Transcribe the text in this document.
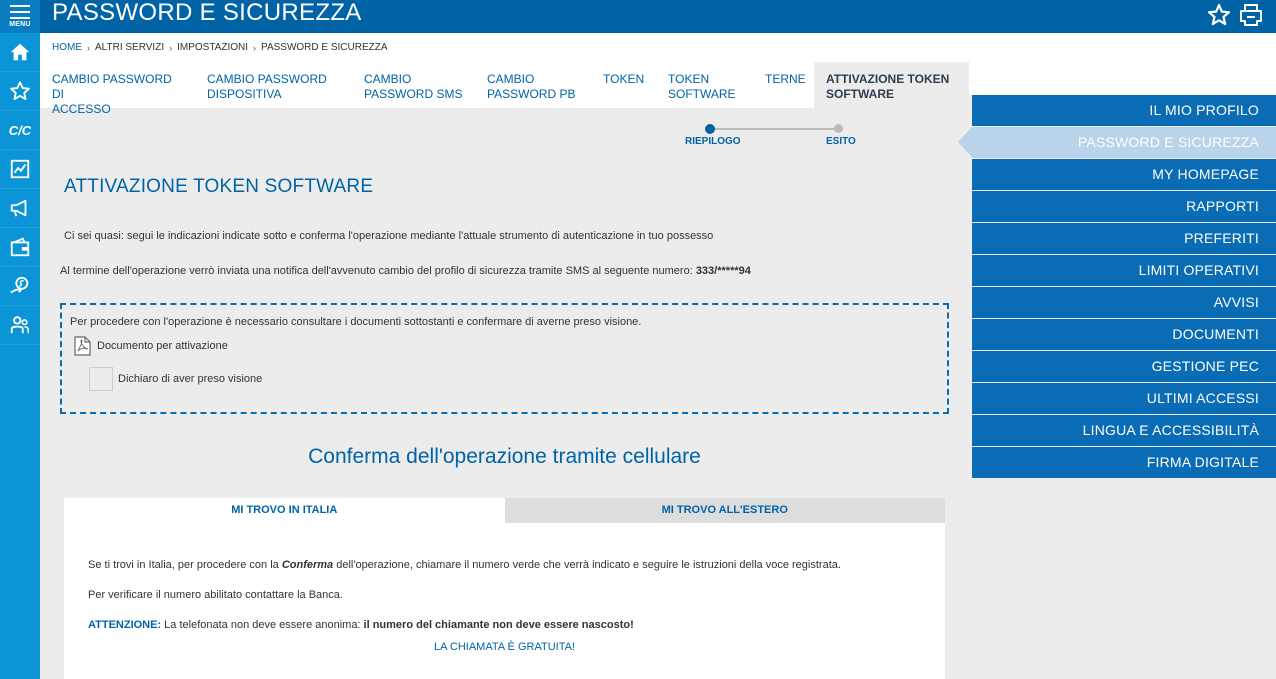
MENU
C/C
PASSWORD E SICUREZZA
HOME › ALTRI SERVIZI › IMPOSTAZIONI › PASSWORD E SICUREZZA
CAMBIO PASSWORD DI
ACCESSO
CAMBIO PASSWORD
DISPOSITIVA
CAMBIO
PASSWORD SMS
CAMBIO
PASSWORD PB
TOKEN	TOKEN
SOFTWARE
TERNE	ATTIVAZIONE TOKEN
SOFTWARE
IL MIO PROFILO
PASSWORD E SICUREZZA
MY HOMEPAGE
RAPPORTI
PREFERITI
LIMITI OPERATIVI
AVVISI
DOCUMENTI
GESTIONE PEC
ULTIMI ACCESSI
LINGUA E ACCESSIBILITÀ
FIRMA DIGITALE
RIEPILOGO	ESITO
ATTIVAZIONE TOKEN SOFTWARE
Ci sei quasi: segui le indicazioni indicate sotto e conferma l'operazione mediante l'attuale strumento di autenticazione in tuo possesso
Al termine dell'operazione verrò inviata una notifica dell'avvenuto cambio del profilo di sicurezza tramite SMS al seguente numero: 333/*****94
Per procedere con l'operazione è necessario consultare i documenti sottostanti e confermare di averne preso visione.
Documento per attivazione
Dichiaro di aver preso visione
Conferma dell'operazione tramite cellulare
MI TROVO IN ITALIA	MI TROVO ALL'ESTERO
Se ti trovi in Italia, per procedere con la Conferma dell'operazione, chiamare il numero verde che verrà indicato e seguire le istruzioni della voce registrata.
Per verificare il numero abilitato contattare la Banca.
ATTENZIONE: La telefonata non deve essere anonima: il numero del chiamante non deve essere nascosto!
LA CHIAMATA È GRATUITA!
